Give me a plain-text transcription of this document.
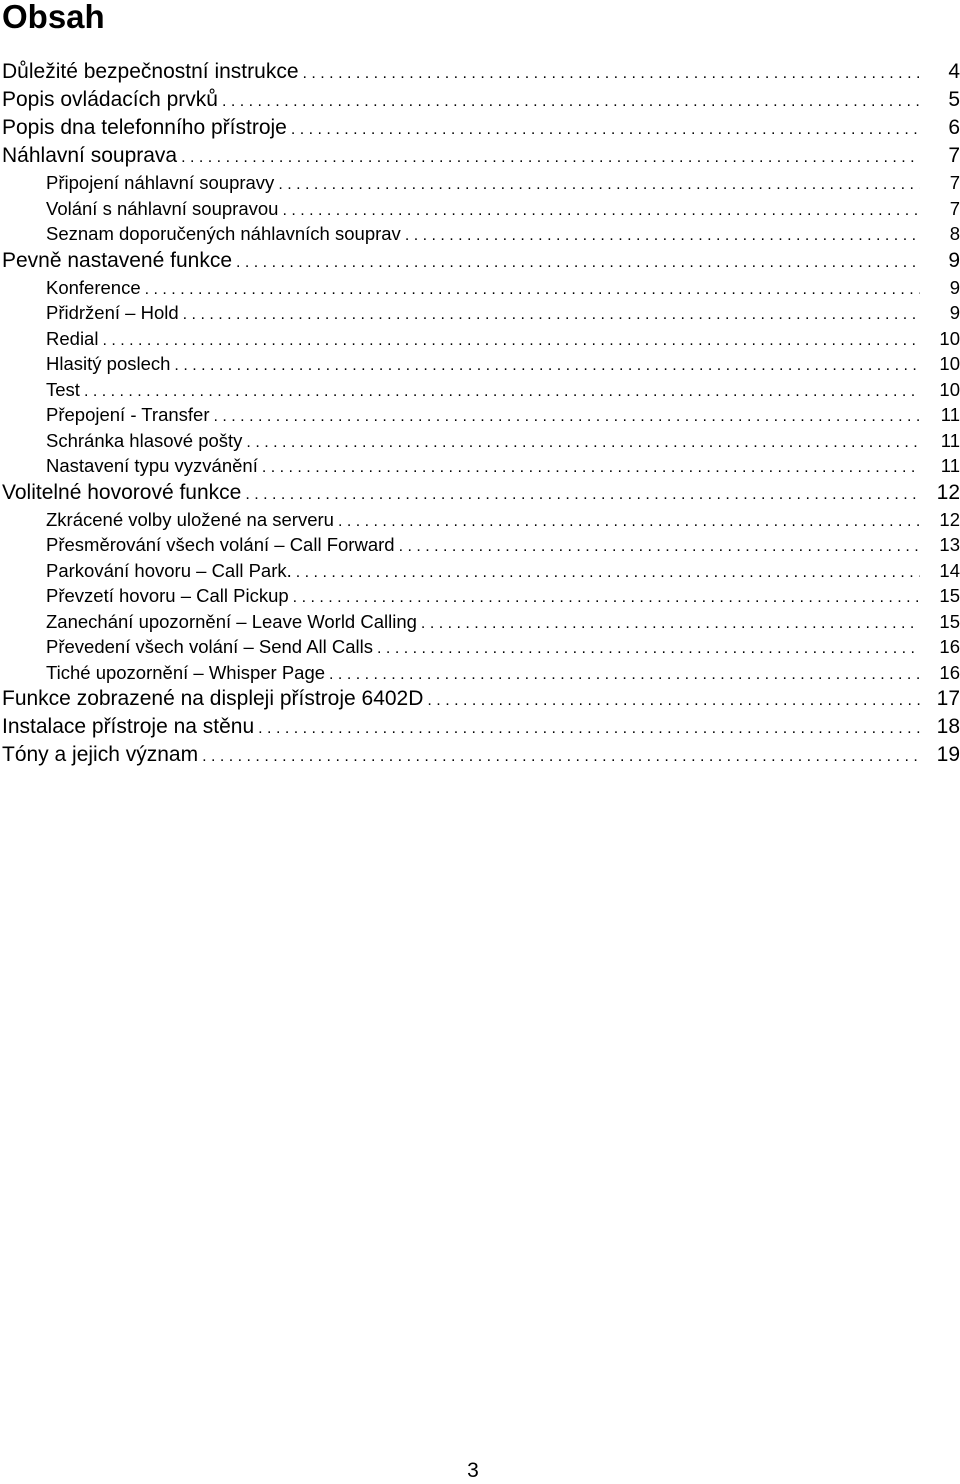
Obsah
Důležité bezpečnostní instrukce . . .	4
Popis ovládacích prvků . . .	5
Popis dna telefonního přístroje . . .	6
Náhlavní souprava . . .	7
Připojení náhlavní soupravy . . .	7
Volání s náhlavní soupravou . . .	7
Seznam doporučených náhlavních souprav . . .	8
Pevně nastavené funkce . . .	9
Konference . . .	9
Přidržení – Hold . . .	9
Redial . . .	10
Hlasitý poslech . . .	10
Test . . .	10
Přepojení - Transfer . . .	11
Schránka hlasové pošty . . .	11
Nastavení typu vyzvánění . . .	11
Volitelné hovorové funkce . . .	12
Zkrácené volby uložené na serveru . . .	12
Přesměrování všech volání – Call Forward . . .	13
Parkování hovoru – Call Park. . . .	14
Převzetí hovoru – Call Pickup . . .	15
Zanechání upozornění – Leave World Calling . . .	15
Převedení všech volání – Send All Calls . . .	16
Tiché upozornění – Whisper Page . . .	16
Funkce zobrazené na displeji přístroje 6402D . . .	17
Instalace přístroje na stěnu . . .	18
Tóny a jejich význam . . .	19
3
